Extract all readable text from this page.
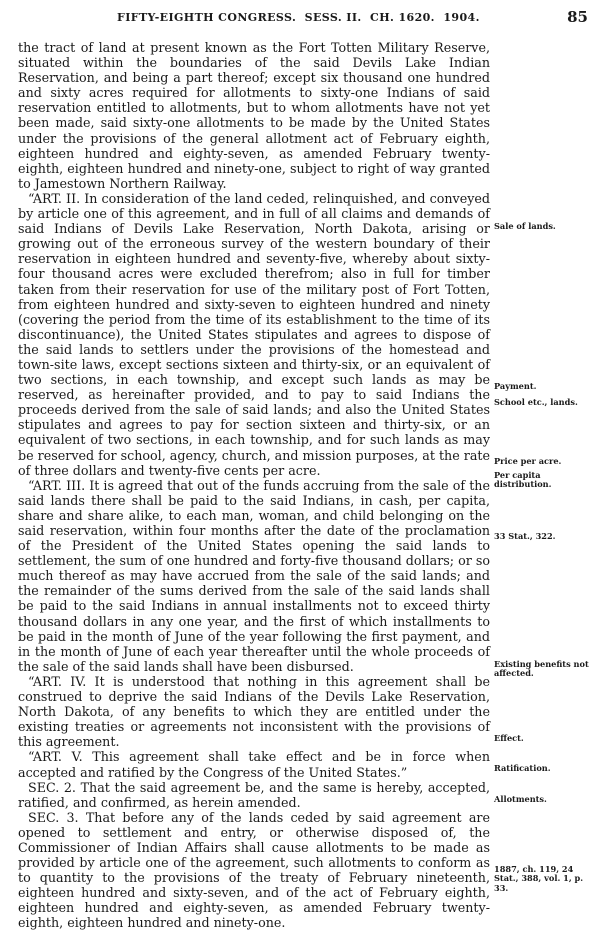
FIFTY-EIGHTH CONGRESS.  SESS. II.  CH. 1620.  1904.	85

the tract of land at present known as the Fort Totten Military Reserve, situated within the boundaries of the said Devils Lake Indian Reservation, and being a part thereof; except six thousand one hundred and sixty acres required for allotments to sixty-one Indians of said reservation entitled to allotments, but to whom allotments have not yet been made, said sixty-one allotments to be made by the United States under the provisions of the general allotment act of February eighth, eighteen hundred and eighty-seven, as amended February twenty-eighth, eighteen hundred and ninety-one, subject to right of way granted to Jamestown Northern Railway.

“ART. II. In consideration of the land ceded, relinquished, and conveyed by article one of this agreement, and in full of all claims and demands of said Indians of Devils Lake Reservation, North Dakota, arising or growing out of the erroneous survey of the western boundary of their reservation in eighteen hundred and seventy-five, whereby about sixty-four thousand acres were excluded therefrom; also in full for timber taken from their reservation for use of the military post of Fort Totten, from eighteen hundred and sixty-seven to eighteen hundred and ninety (covering the period from the time of its establishment to the time of its discontinuance), the United States stipulates and agrees to dispose of the said lands to settlers under the provisions of the homestead and town-site laws, except sections sixteen and thirty-six, or an equivalent of two sections, in each township, and except such lands as may be reserved, as hereinafter provided, and to pay to said Indians the proceeds derived from the sale of said lands; and also the United States stipulates and agrees to pay for section sixteen and thirty-six, or an equivalent of two sections, in each township, and for such lands as may be reserved for school, agency, church, and mission purposes, at the rate of three dollars and twenty-five cents per acre.

“ART. III. It is agreed that out of the funds accruing from the sale of the said lands there shall be paid to the said Indians, in cash, per capita, share and share alike, to each man, woman, and child belonging on the said reservation, within four months after the date of the proclamation of the President of the United States opening the said lands to settlement, the sum of one hundred and forty-five thousand dollars; or so much thereof as may have accrued from the sale of the said lands; and the remainder of the sums derived from the sale of the said lands shall be paid to the said Indians in annual installments not to exceed thirty thousand dollars in any one year, and the first of which installments to be paid in the month of June of the year following the first payment, and in the month of June of each year thereafter until the whole proceeds of the sale of the said lands shall have been disbursed.

“ART. IV. It is understood that nothing in this agreement shall be construed to deprive the said Indians of the Devils Lake Reservation, North Dakota, of any benefits to which they are entitled under the existing treaties or agreements not inconsistent with the provisions of this agreement.

“ART. V. This agreement shall take effect and be in force when accepted and ratified by the Congress of the United States.”

SEC. 2. That the said agreement be, and the same is hereby, accepted, ratified, and confirmed, as herein amended.

SEC. 3. That before any of the lands ceded by said agreement are opened to settlement and entry, or otherwise disposed of, the Commissioner of Indian Affairs shall cause allotments to be made as provided by article one of the agreement, such allotments to conform as to quantity to the provisions of the treaty of February nineteenth, eighteen hundred and sixty-seven, and of the act of February eighth, eighteen hundred and eighty-seven, as amended February twenty-eighth, eighteen hundred and ninety-one.

Sale of lands.
Payment.
School etc., lands.
Price per acre.
Per capita distribution.
33 Stat., 322.
Existing benefits not affected.
Effect.
Ratification.
Allotments.
1887, ch. 119, 24 Stat., 388, vol. 1, p. 33.
